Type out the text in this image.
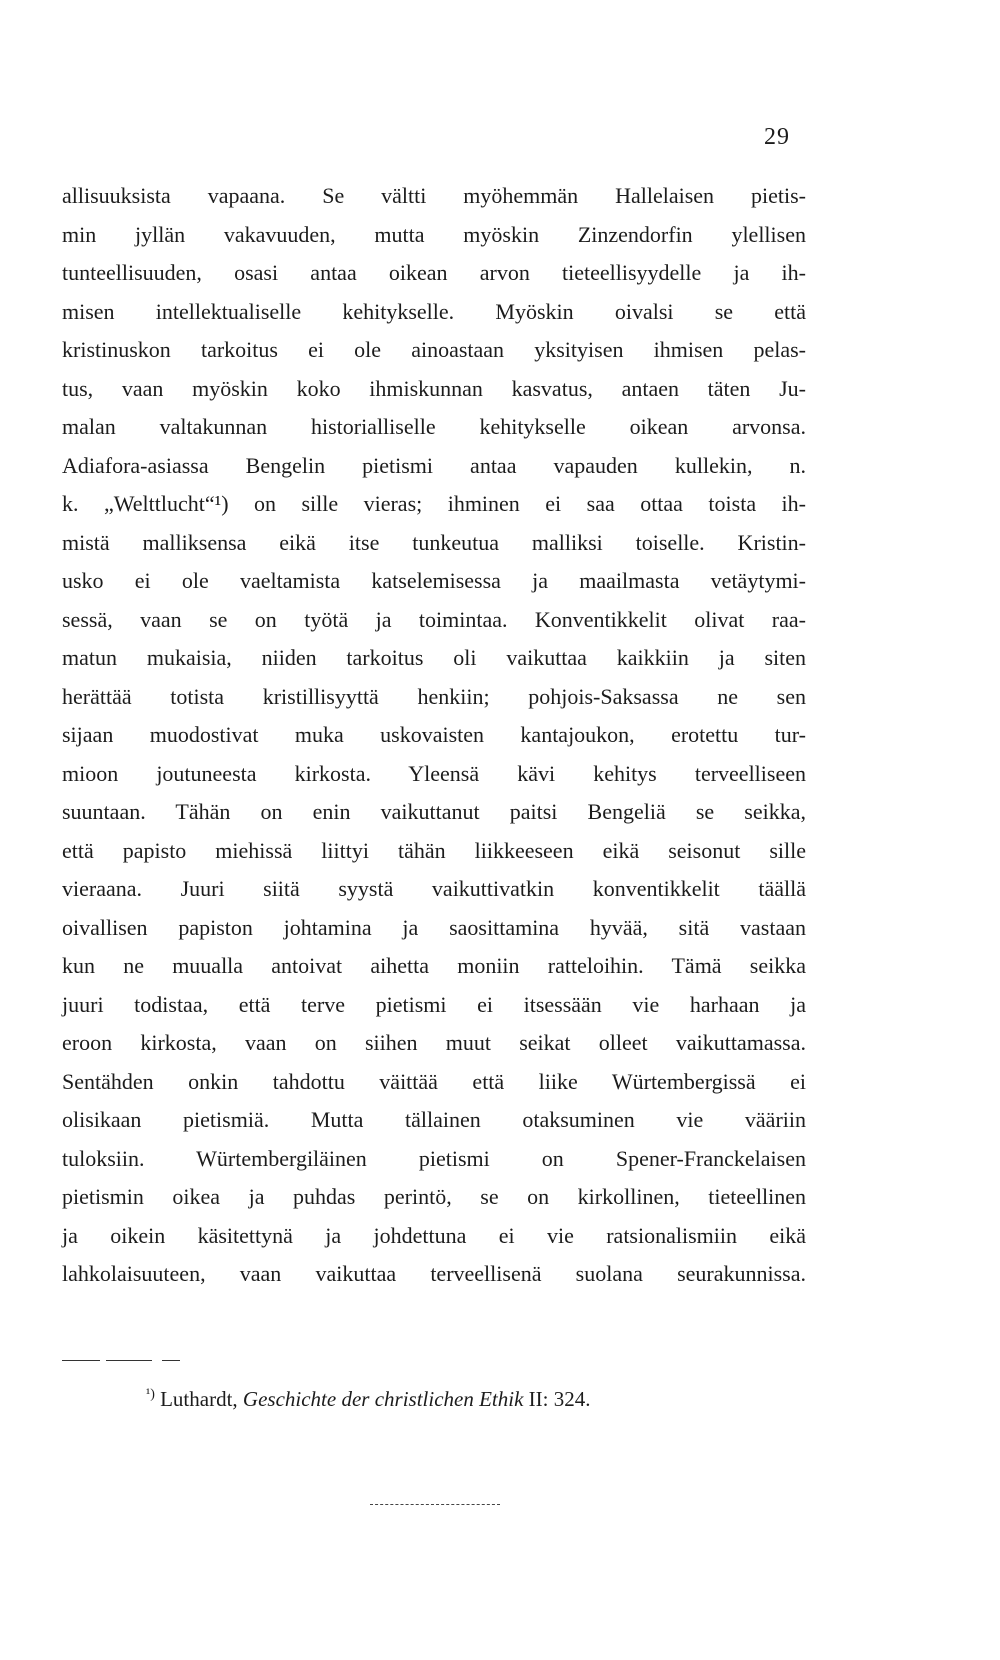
29
allisuuksista vapaana. Se vältti myöhemmän Hallelaisen pietis-
min jyllän vakavuuden, mutta myöskin Zinzendorfin ylellisen
tunteellisuuden, osasi antaa oikean arvon tieteellisyydelle ja ih-
misen intellektualiselle kehitykselle. Myöskin oivalsi se että
kristinuskon tarkoitus ei ole ainoastaan yksityisen ihmisen pelas-
tus, vaan myöskin koko ihmiskunnan kasvatus, antaen täten Ju-
malan valtakunnan historialliselle kehitykselle oikean arvonsa.
Adiafora-asiassa Bengelin pietismi antaa vapauden kullekin, n.
k. „Welttlucht“¹) on sille vieras; ihminen ei saa ottaa toista ih-
mistä malliksensa eikä itse tunkeutua malliksi toiselle. Kristin-
usko ei ole vaeltamista katselemisessa ja maailmasta vetäytymi-
sessä, vaan se on työtä ja toimintaa. Konventikkelit olivat raa-
matun mukaisia, niiden tarkoitus oli vaikuttaa kaikkiin ja siten
herättää totista kristillisyyttä henkiin; pohjois-Saksassa ne sen
sijaan muodostivat muka uskovaisten kantajoukon, erotettu tur-
mioon joutuneesta kirkosta. Yleensä kävi kehitys terveelliseen
suuntaan. Tähän on enin vaikuttanut paitsi Bengeliä se seikka,
että papisto miehissä liittyi tähän liikkeeseen eikä seisonut sille
vieraana. Juuri siitä syystä vaikuttivatkin konventikkelit täällä
oivallisen papiston johtamina ja saosittamina hyvää, sitä vastaan
kun ne muualla antoivat aihetta moniin ratteloihin. Tämä seikka
juuri todistaa, että terve pietismi ei itsessään vie harhaan ja
eroon kirkosta, vaan on siihen muut seikat olleet vaikuttamassa.
Sentähden onkin tahdottu väittää että liike Würtembergissä ei
olisikaan pietismiä. Mutta tällainen otaksuminen vie vääriin
tuloksiin. Würtembergiläinen pietismi on Spener-Franckelaisen
pietismin oikea ja puhdas perintö, se on kirkollinen, tieteellinen
ja oikein käsitettynä ja johdettuna ei vie ratsionalismiin eikä
lahkolaisuuteen, vaan vaikuttaa terveellisenä suolana seurakunnissa.
$^{^1)}$ Luthardt, Geschichte der christlichen Ethik II: 324.
